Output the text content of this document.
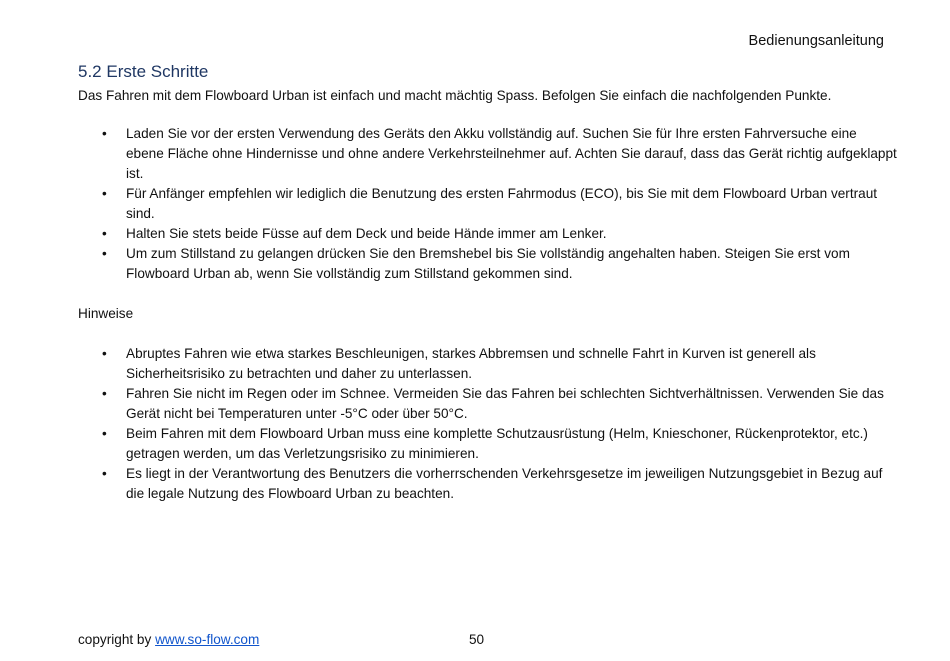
Bedienungsanleitung
5.2 Erste Schritte
Das Fahren mit dem Flowboard Urban ist einfach und macht mächtig Spass. Befolgen Sie einfach die nachfolgenden Punkte.
• Laden Sie vor der ersten Verwendung des Geräts den Akku vollständig auf. Suchen Sie für Ihre ersten Fahrversuche eine ebene Fläche ohne Hindernisse und ohne andere Verkehrsteilnehmer auf. Achten Sie darauf, dass das Gerät richtig aufgeklappt ist.
• Für Anfänger empfehlen wir lediglich die Benutzung des ersten Fahrmodus (ECO), bis Sie mit dem Flowboard Urban vertraut sind.
• Halten Sie stets beide Füsse auf dem Deck und beide Hände immer am Lenker.
• Um zum Stillstand zu gelangen drücken Sie den Bremshebel bis Sie vollständig angehalten haben. Steigen Sie erst vom Flowboard Urban ab, wenn Sie vollständig zum Stillstand gekommen sind.
Hinweise
• Abruptes Fahren wie etwa starkes Beschleunigen, starkes Abbremsen und schnelle Fahrt in Kurven ist generell als Sicherheitsrisiko zu betrachten und daher zu unterlassen.
• Fahren Sie nicht im Regen oder im Schnee. Vermeiden Sie das Fahren bei schlechten Sichtverhältnissen. Verwenden Sie das Gerät nicht bei Temperaturen unter -5°C oder über 50°C.
• Beim Fahren mit dem Flowboard Urban muss eine komplette Schutzausrüstung (Helm, Knieschoner, Rückenprotektor, etc.) getragen werden, um das Verletzungsrisiko zu minimieren.
• Es liegt in der Verantwortung des Benutzers die vorherrschenden Verkehrsgesetze im jeweiligen Nutzungsgebiet in Bezug auf die legale Nutzung des Flowboard Urban zu beachten.
copyright by www.so-flow.com	50
